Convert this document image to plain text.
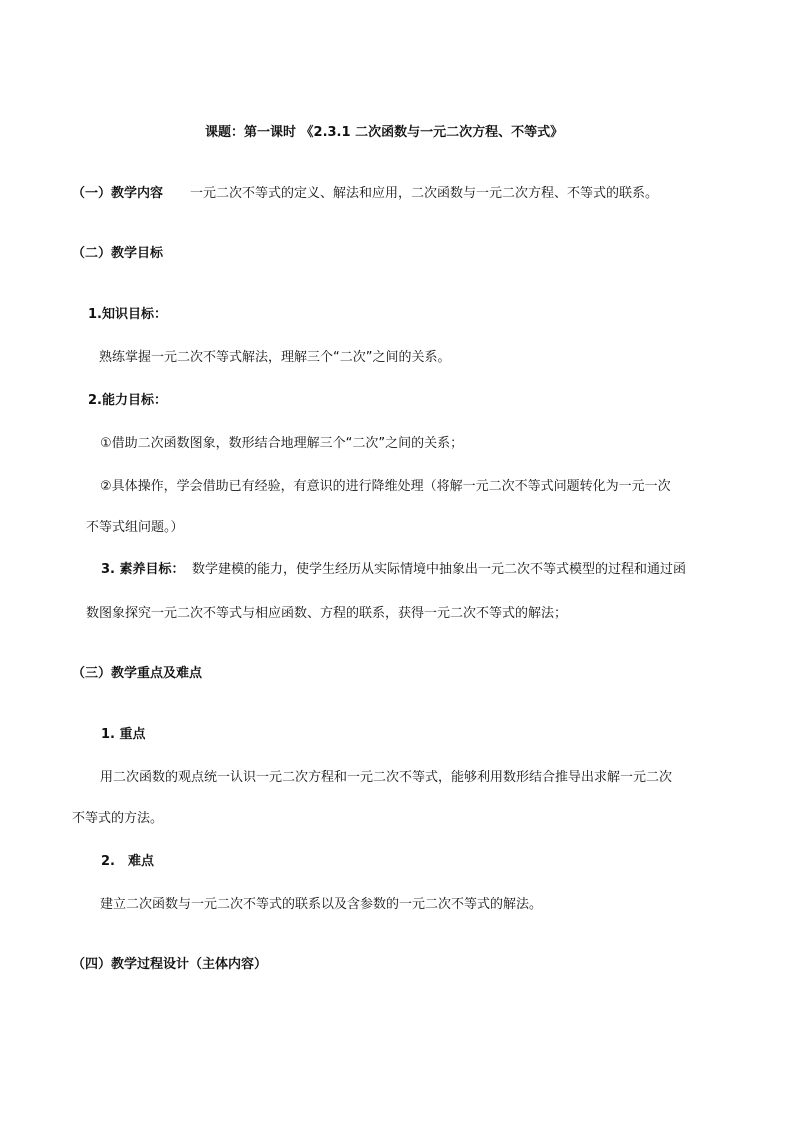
课题：第一课时 《2.3.1 二次函数与一元二次方程、不等式》
（一）教学内容 一元二次不等式的定义、解法和应用，二次函数与一元二次方程、不等式的联系。
（二）教学目标
1.知识目标：
熟练掌握一元二次不等式解法，理解三个“二次”之间的关系。
2.能力目标：
①借助二次函数图象，数形结合地理解三个“二次”之间的关系；
②具体操作，学会借助已有经验，有意识的进行降维处理（将解一元二次不等式问题转化为一元一次
不等式组问题。）
3. 素养目标： 数学建模的能力，使学生经历从实际情境中抽象出一元二次不等式模型的过程和通过函
数图象探究一元二次不等式与相应函数、方程的联系，获得一元二次不等式的解法；
（三）教学重点及难点
1. 重点
用二次函数的观点统一认识一元二次方程和一元二次不等式，能够利用数形结合推导出求解一元二次
不等式的方法。
2.　难点
建立二次函数与一元二次不等式的联系以及含参数的一元二次不等式的解法。
（四）教学过程设计（主体内容）
